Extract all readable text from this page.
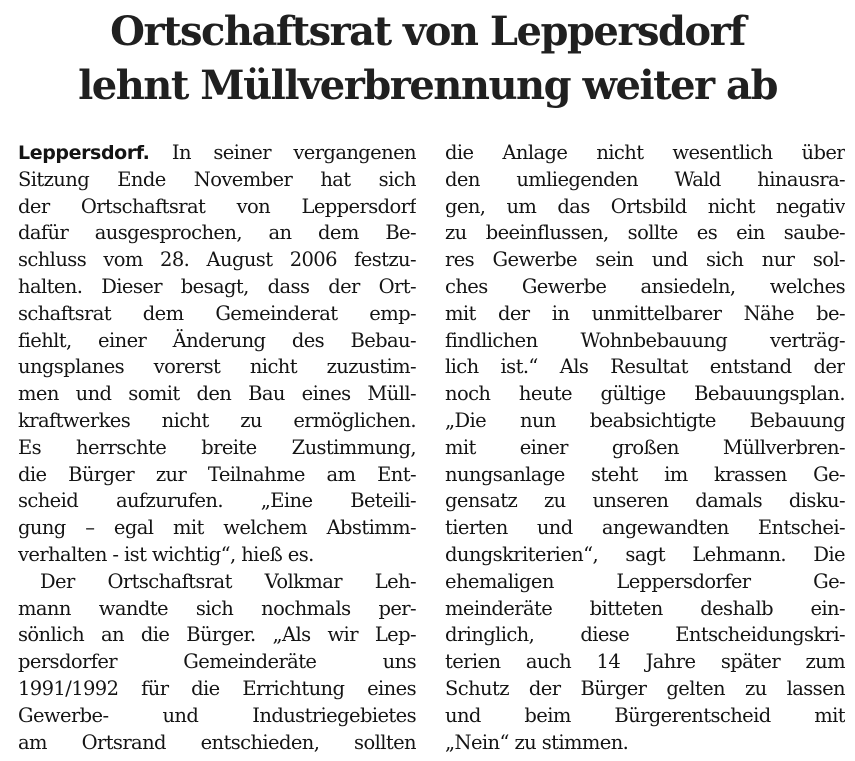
Ortschaftsrat von Leppersdorf
lehnt Müllverbrennung weiter ab
Leppersdorf. In seiner vergangenen
Sitzung Ende November hat sich
der Ortschaftsrat von Leppersdorf
dafür ausgesprochen, an dem Be-
schluss vom 28. August 2006 festzu-
halten. Dieser besagt, dass der Ort-
schaftsrat dem Gemeinderat emp-
fiehlt, einer Änderung des Bebau-
ungsplanes vorerst nicht zuzustim-
men und somit den Bau eines Müll-
kraftwerkes nicht zu ermöglichen.
Es herrschte breite Zustimmung,
die Bürger zur Teilnahme am Ent-
scheid aufzurufen. „Eine Beteili-
gung – egal mit welchem Abstimm-
verhalten - ist wichtig“, hieß es.
Der Ortschaftsrat Volkmar Leh-
mann wandte sich nochmals per-
sönlich an die Bürger. „Als wir Lep-
persdorfer Gemeinderäte uns
1991/1992 für die Errichtung eines
Gewerbe- und Industriegebietes
am Ortsrand entschieden, sollten
die Anlage nicht wesentlich über
den umliegenden Wald hinausra-
gen, um das Ortsbild nicht negativ
zu beeinflussen, sollte es ein saube-
res Gewerbe sein und sich nur sol-
ches Gewerbe ansiedeln, welches
mit der in unmittelbarer Nähe be-
findlichen Wohnbebauung verträg-
lich ist.“ Als Resultat entstand der
noch heute gültige Bebauungsplan.
„Die nun beabsichtigte Bebauung
mit einer großen Müllverbren-
nungsanlage steht im krassen Ge-
gensatz zu unseren damals disku-
tierten und angewandten Entschei-
dungskriterien“, sagt Lehmann. Die
ehemaligen Leppersdorfer Ge-
meinderäte bitteten deshalb ein-
dringlich, diese Entscheidungskri-
terien auch 14 Jahre später zum
Schutz der Bürger gelten zu lassen
und beim Bürgerentscheid mit
„Nein“ zu stimmen.
